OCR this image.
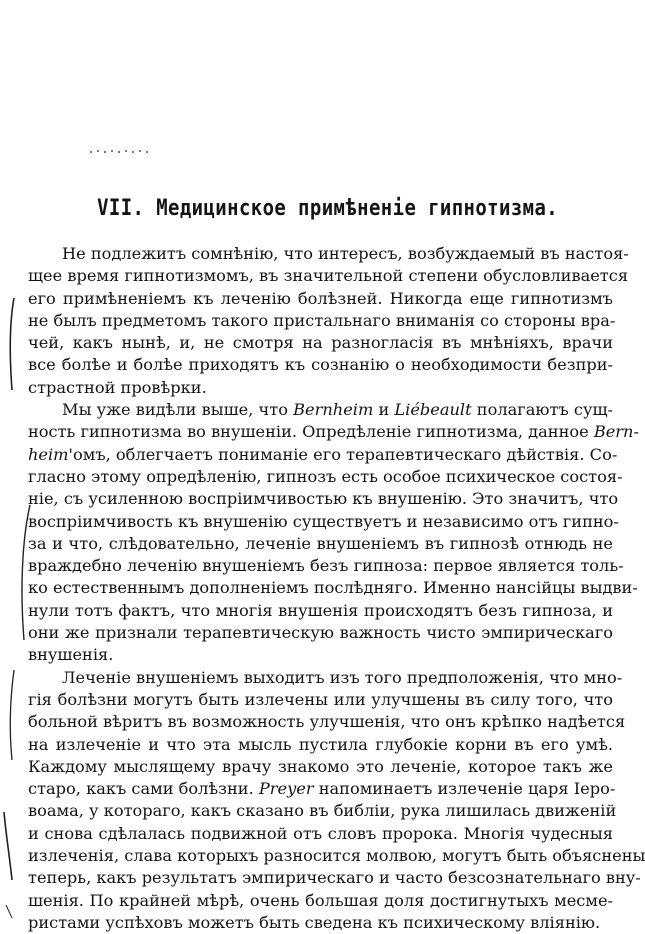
VII. Медицинское примѣненіе гипнотизма.
Не подлежитъ сомнѣнію, что интересъ, возбуждаемый въ настоя-
щее время гипнотизмомъ, въ значительной степени обусловливается
его примѣненіемъ къ леченію болѣзней. Никогда еще гипнотизмъ
не былъ предметомъ такого пристальнаго вниманія со стороны вра-
чей, какъ нынѣ, и, не смотря на разногласія въ мнѣніяхъ, врачи
все болѣе и болѣе приходятъ къ сознанію о необходимости безпри-
страстной провѣрки.
Мы уже видѣли выше, что Bernheim и Liébeault полагаютъ сущ-
ность гипнотизма во внушеніи. Опредѣленіе гипнотизма, данное Bern-
heim'омъ, облегчаетъ пониманіе его терапевтическаго дѣйствія. Со-
гласно этому опредѣленію, гипнозъ есть особое психическое состоя-
ніе, съ усиленною воспріимчивостью къ внушенію. Это значитъ, что
воспріимчивость къ внушенію существуетъ и независимо отъ гипно-
за и что, слѣдовательно, леченіе внушеніемъ въ гипнозѣ отнюдь не
враждебно леченію внушеніемъ безъ гипноза: первое является толь-
ко естественнымъ дополненіемъ послѣдняго. Именно нансійцы выдви-
нули тотъ фактъ, что многія внушенія происходятъ безъ гипноза, и
они же признали терапевтическую важность чисто эмпирическаго
внушенія.
Леченіе внушеніемъ выходитъ изъ того предположенія, что мно-
гія болѣзни могутъ быть излечены или улучшены въ силу того, что
больной вѣритъ въ возможность улучшенія, что онъ крѣпко надѣется
на излеченіе и что эта мысль пустила глубокіе корни въ его умѣ.
Каждому мыслящему врачу знакомо это леченіе, которое такъ же
старо, какъ сами болѣзни. Preyer напоминаетъ излеченіе царя Іеро-
воама, у котораго, какъ сказано въ библіи, рука лишилась движеній
и снова сдѣлалась подвижной отъ словъ пророка. Многія чудесныя
излеченія, слава которыхъ разносится молвою, могутъ быть объяснены
теперь, какъ результатъ эмпирическаго и часто безсознательнаго вну-
шенія. По крайней мѣрѣ, очень большая доля достигнутыхъ месме-
ристами успѣховъ можетъ быть сведена къ психическому вліянію.
